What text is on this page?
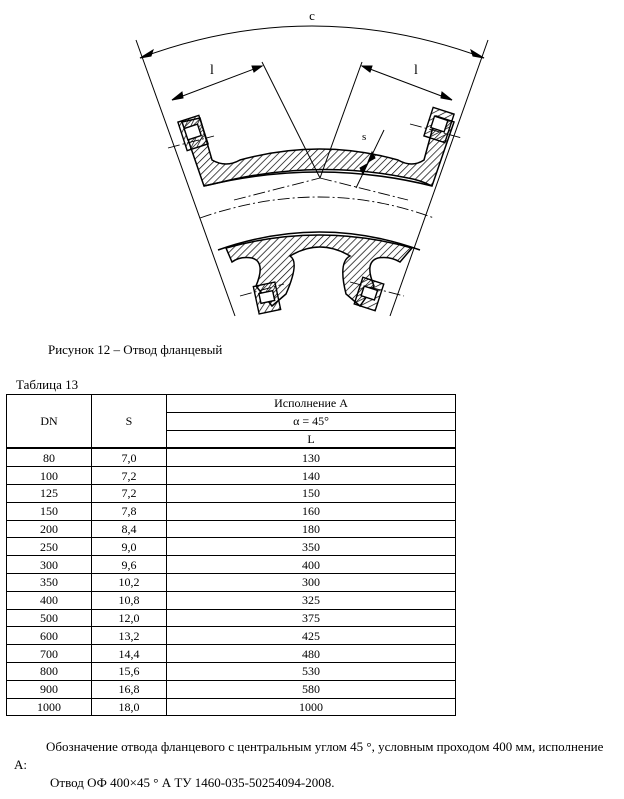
c
l	l
s
Рисунок 12 – Отвод фланцевый
Таблица 13
DN	S	Исполнение А
		α = 45°
		L
80	7,0	130
100	7,2	140
125	7,2	150
150	7,8	160
200	8,4	180
250	9,0	350
300	9,6	400
350	10,2	300
400	10,8	325
500	12,0	375
600	13,2	425
700	14,4	480
800	15,6	530
900	16,8	580
1000	18,0	1000
Обозначение отвода фланцевого с центральным углом 45 °, условным проходом 400 мм, исполнение А:
Отвод ОФ 400×45 ° А ТУ 1460-035-50254094-2008.
